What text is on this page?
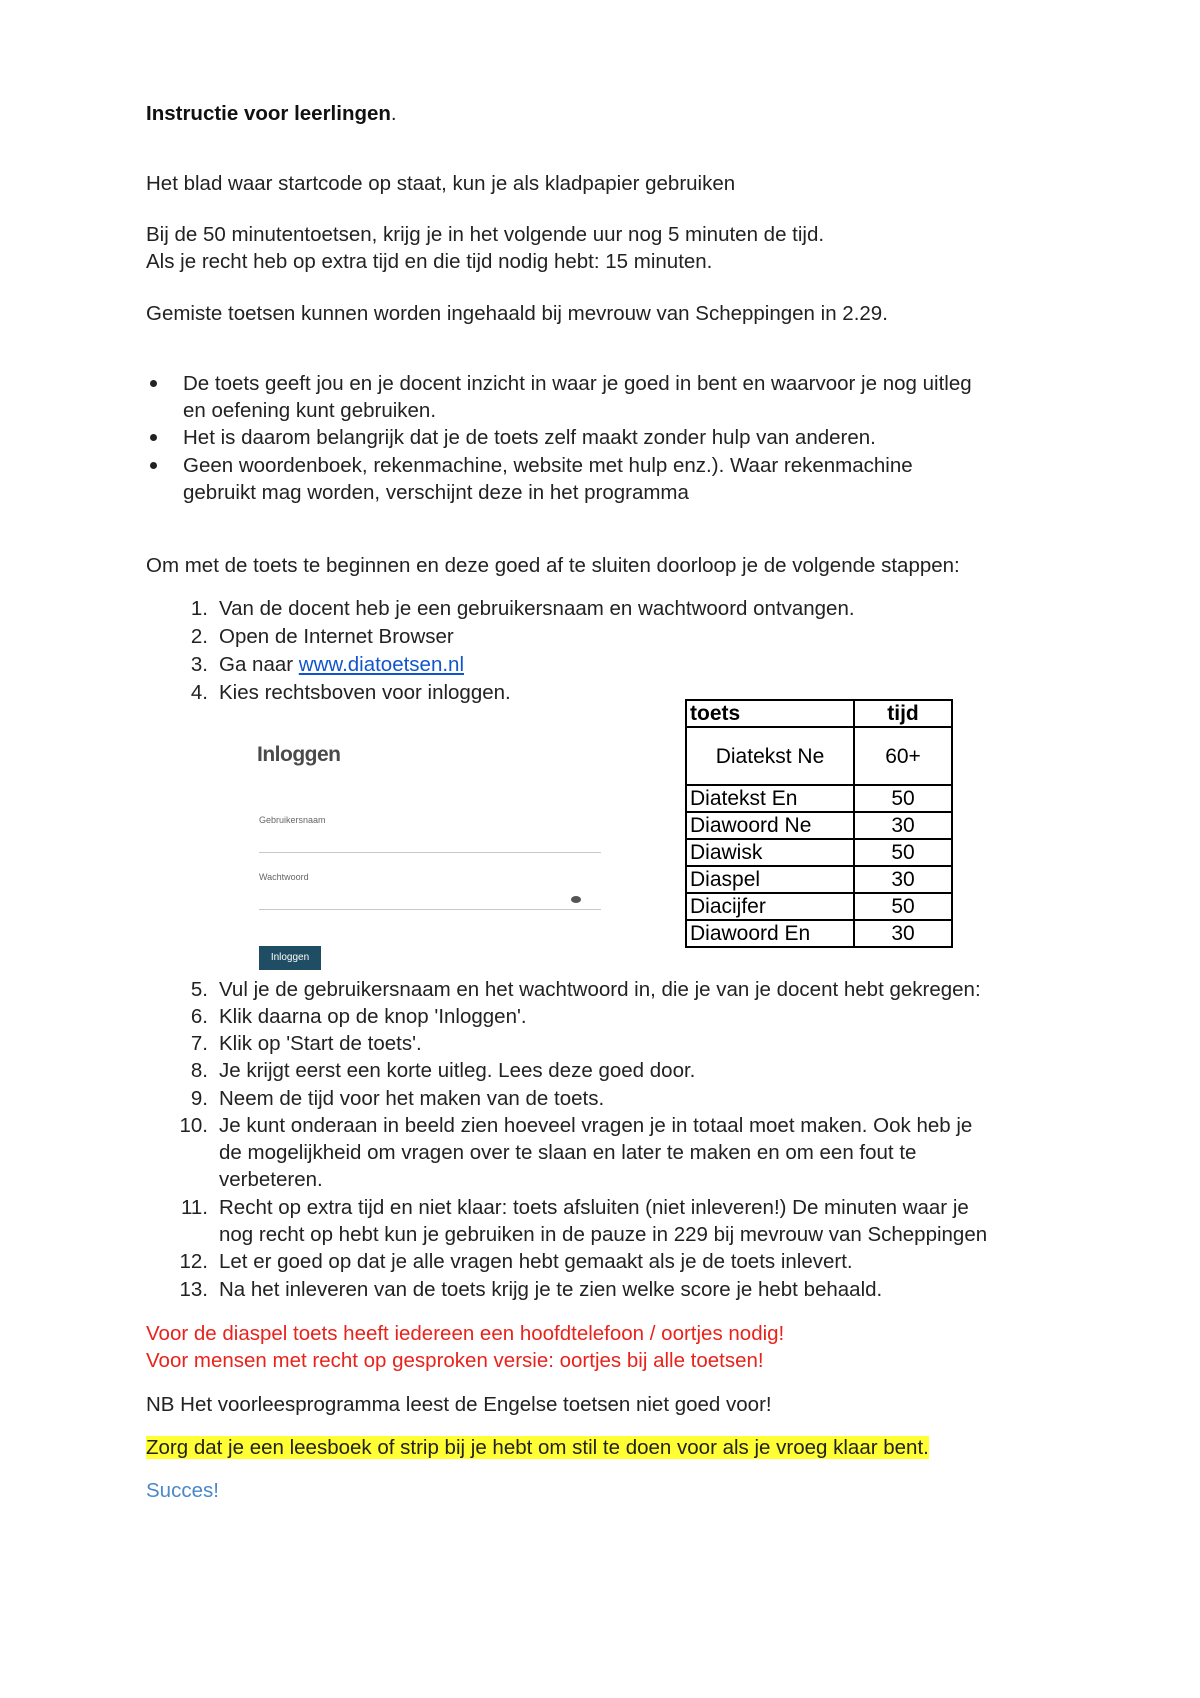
Instructie voor leerlingen.
Het blad waar startcode op staat, kun je als kladpapier gebruiken
Bij de 50 minutentoetsen, krijg je in het volgende uur nog 5 minuten de tijd.
Als je recht heb op extra tijd en die tijd nodig hebt: 15 minuten.
Gemiste toetsen kunnen worden ingehaald bij mevrouw van Scheppingen in 2.29.
De toets geeft jou en je docent inzicht in waar je goed in bent en waarvoor je nog uitleg
en oefening kunt gebruiken.
Het is daarom belangrijk dat je de toets zelf maakt zonder hulp van anderen.
Geen woordenboek, rekenmachine, website met hulp enz.). Waar rekenmachine
gebruikt mag worden, verschijnt deze in het programma
Om met de toets te beginnen en deze goed af te sluiten doorloop je de volgende stappen:
1. Van de docent heb je een gebruikersnaam en wachtwoord ontvangen.
2. Open de Internet Browser
3. Ga naar www.diatoetsen.nl
4. Kies rechtsboven voor inloggen.
Inloggen
Gebruikersnaam
Wachtwoord
Inloggen
toets	tijd
Diatekst Ne	60+
Diatekst En	50
Diawoord Ne	30
Diawisk	50
Diaspel	30
Diacijfer	50
Diawoord En	30
5. Vul je de gebruikersnaam en het wachtwoord in, die je van je docent hebt gekregen:
6. Klik daarna op de knop 'Inloggen'.
7. Klik op 'Start de toets'.
8. Je krijgt eerst een korte uitleg. Lees deze goed door.
9. Neem de tijd voor het maken van de toets.
10. Je kunt onderaan in beeld zien hoeveel vragen je in totaal moet maken. Ook heb je
de mogelijkheid om vragen over te slaan en later te maken en om een fout te
verbeteren.
11. Recht op extra tijd en niet klaar: toets afsluiten (niet inleveren!) De minuten waar je
nog recht op hebt kun je gebruiken in de pauze in 229 bij mevrouw van Scheppingen
12. Let er goed op dat je alle vragen hebt gemaakt als je de toets inlevert.
13. Na het inleveren van de toets krijg je te zien welke score je hebt behaald.
Voor de diaspel toets heeft iedereen een hoofdtelefoon / oortjes nodig!
Voor mensen met recht op gesproken versie: oortjes bij alle toetsen!
NB Het voorleesprogramma leest de Engelse toetsen niet goed voor!
Zorg dat je een leesboek of strip bij je hebt om stil te doen voor als je vroeg klaar bent.
Succes!
